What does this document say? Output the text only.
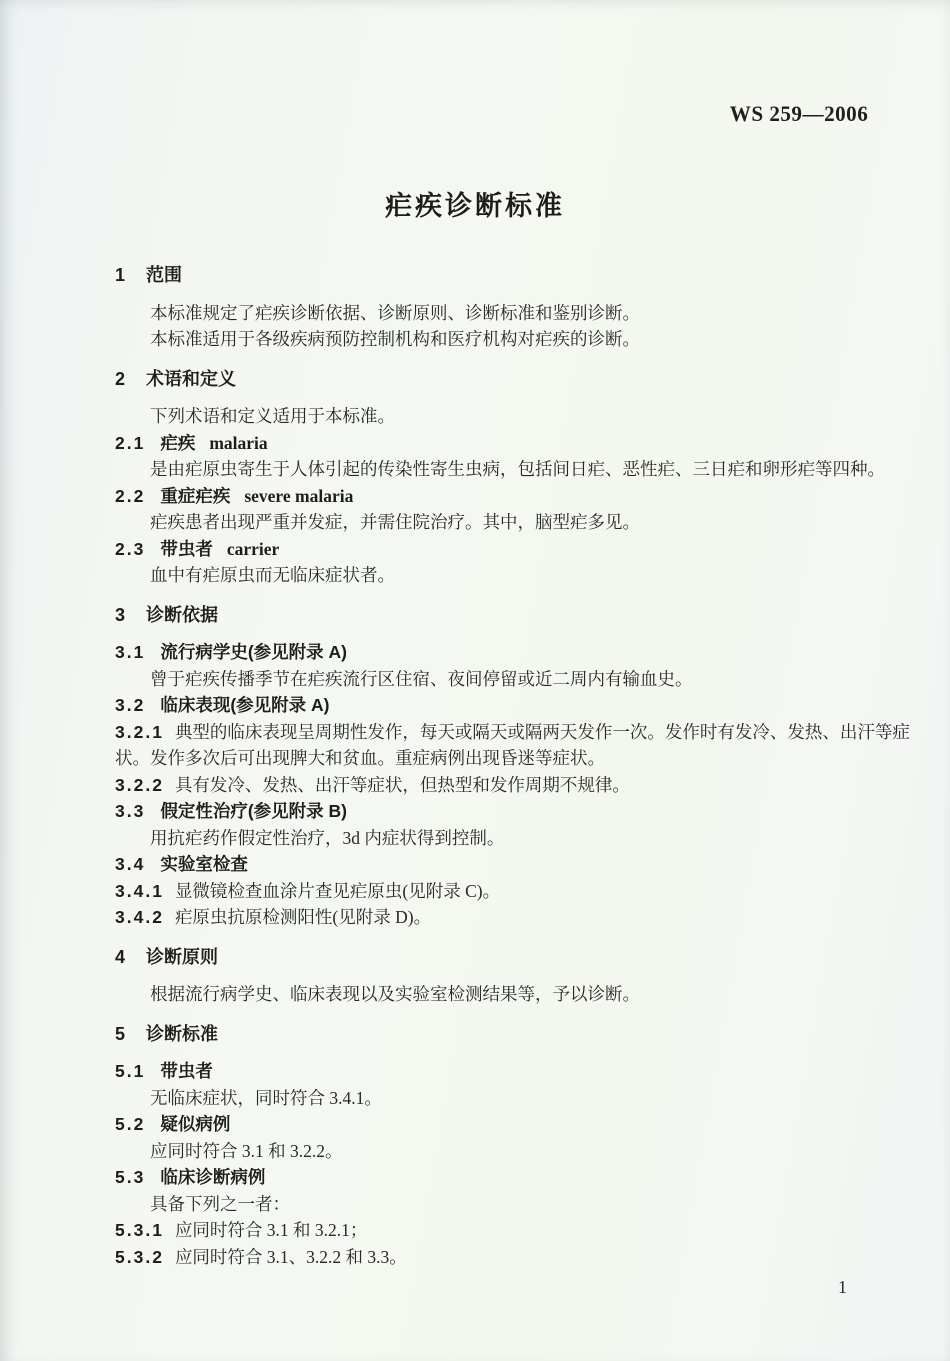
WS 259—2006
疟疾诊断标准

1 范围

本标准规定了疟疾诊断依据、诊断原则、诊断标准和鉴别诊断。

本标准适用于各级疾病预防控制机构和医疗机构对疟疾的诊断。

2 术语和定义

下列术语和定义适用于本标准。

2.1 疟疾 malaria

是由疟原虫寄生于人体引起的传染性寄生虫病，包括间日疟、恶性疟、三日疟和卵形疟等四种。

2.2 重症疟疾 severe malaria

疟疾患者出现严重并发症，并需住院治疗。其中，脑型疟多见。

2.3 带虫者 carrier

血中有疟原虫而无临床症状者。

3 诊断依据

3.1 流行病学史(参见附录 A)

曾于疟疾传播季节在疟疾流行区住宿、夜间停留或近二周内有输血史。

3.2 临床表现(参见附录 A)

3.2.1 典型的临床表现呈周期性发作，每天或隔天或隔两天发作一次。发作时有发冷、发热、出汗等症状。发作多次后可出现脾大和贫血。重症病例出现昏迷等症状。

3.2.2 具有发冷、发热、出汗等症状，但热型和发作周期不规律。

3.3 假定性治疗(参见附录 B)

用抗疟药作假定性治疗，3d 内症状得到控制。

3.4 实验室检查

3.4.1 显微镜检查血涂片查见疟原虫(见附录 C)。

3.4.2 疟原虫抗原检测阳性(见附录 D)。

4 诊断原则

根据流行病学史、临床表现以及实验室检测结果等，予以诊断。

5 诊断标准

5.1 带虫者

无临床症状，同时符合 3.4.1。

5.2 疑似病例

应同时符合 3.1 和 3.2.2。

5.3 临床诊断病例

具备下列之一者：

5.3.1 应同时符合 3.1 和 3.2.1；

5.3.2 应同时符合 3.1、3.2.2 和 3.3。

1
